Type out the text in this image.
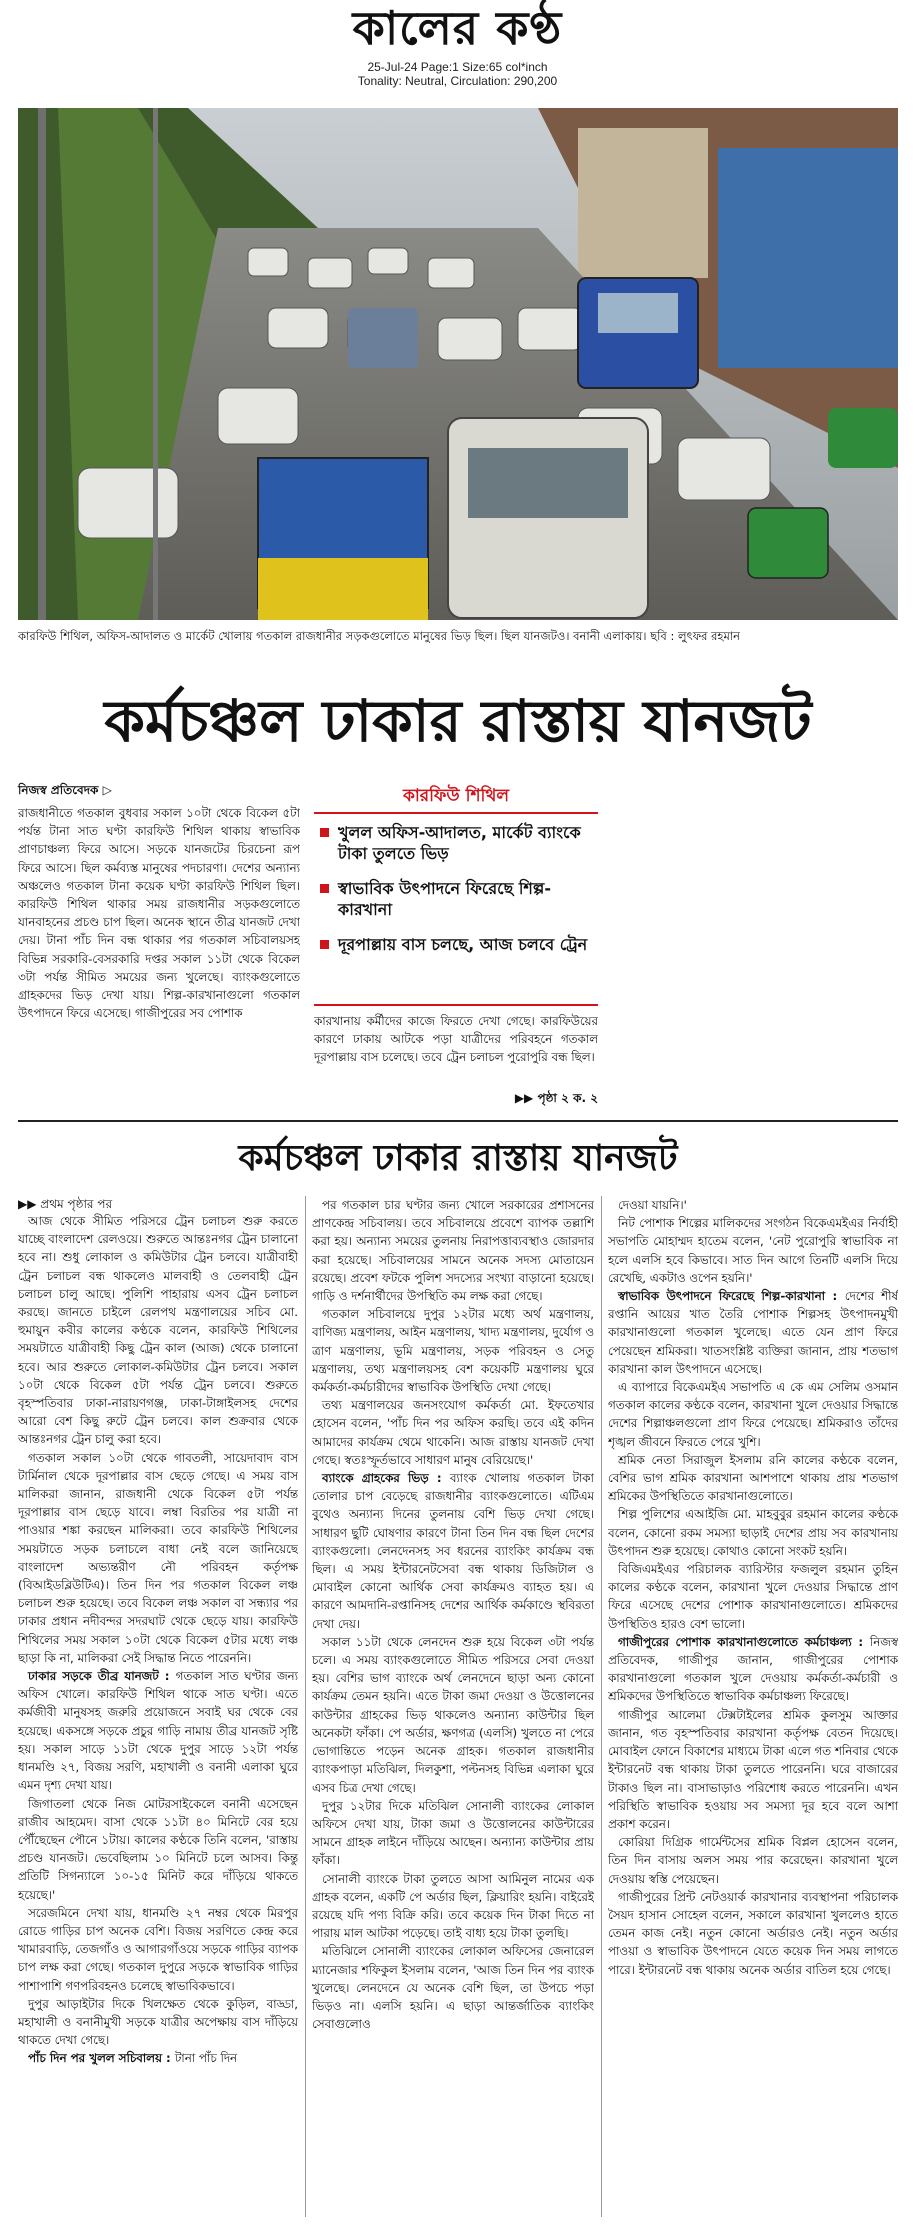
কালের কণ্ঠ
25-Jul-24 Page:1 Size:65 col*inch
Tonality: Neutral, Circulation: 290,200
কারফিউ শিথিল, অফিস-আদালত ও মার্কেট খোলায় গতকাল রাজধানীর সড়কগুলোতে মানুষের ভিড় ছিল। ছিল যানজটও। বনানী এলাকায়। ছবি : লুৎফর রহমান
কর্মচঞ্চল ঢাকার রাস্তায় যানজট
নিজস্ব প্রতিবেদক ▷
রাজধানীতে গতকাল বুধবার সকাল ১০টা থেকে বিকেল ৫টা পর্যন্ত টানা সাত ঘণ্টা কারফিউ শিথিল থাকায় স্বাভাবিক প্রাণচাঞ্চল্য ফিরে আসে। সড়কে যানজটের চিরচেনা রূপ ফিরে আসে। ছিল কর্মব্যস্ত মানুষের পদচারণা। দেশের অন্যান্য অঞ্চলেও গতকাল টানা কয়েক ঘণ্টা কারফিউ শিথিল ছিল। কারফিউ শিথিল থাকার সময় রাজধানীর সড়কগুলোতে যানবাহনের প্রচণ্ড চাপ ছিল। অনেক স্থানে তীব্র যানজট দেখা দেয়। টানা পাঁচ দিন বন্ধ থাকার পর গতকাল সচিবালয়সহ বিভিন্ন সরকারি-বেসরকারি দপ্তর সকাল ১১টা থেকে বিকেল ৩টা পর্যন্ত সীমিত সময়ের জন্য খুলেছে। ব্যাংকগুলোতে গ্রাহকদের ভিড় দেখা যায়। শিল্প-কারখানাগুলো গতকাল উৎপাদনে ফিরে এসেছে। গাজীপুরের সব পোশাক
কারফিউ শিথিল
খুলল অফিস-আদালত, মার্কেট ব্যাংকে টাকা তুলতে ভিড়
স্বাভাবিক উৎপাদনে ফিরেছে শিল্প-কারখানা
দূরপাল্লায় বাস চলছে, আজ চলবে ট্রেন
কারখানায় কর্মীদের কাজে ফিরতে দেখা গেছে। কারফিউয়ের কারণে ঢাকায় আটকে পড়া যাত্রীদের পরিবহনে গতকাল দূরপাল্লায় বাস চলেছে। তবে ট্রেন চলাচল পুরোপুরি বন্ধ ছিল।
▶▶ পৃষ্ঠা ২ ক. ২
কর্মচঞ্চল ঢাকার রাস্তায় যানজট
▶▶ প্রথম পৃষ্ঠার পর
আজ থেকে সীমিত পরিসরে ট্রেন চলাচল শুরু করতে যাচ্ছে বাংলাদেশ রেলওয়ে। শুরুতে আন্তঃনগর ট্রেন চালানো হবে না। শুধু লোকাল ও কমিউটার ট্রেন চলবে। যাত্রীবাহী ট্রেন চলাচল বন্ধ থাকলেও মালবাহী ও তেলবাহী ট্রেন চলাচল চালু আছে। পুলিশি পাহারায় এসব ট্রেন চলাচল করছে। জানতে চাইলে রেলপথ মন্ত্রণালয়ের সচিব মো. হুমায়ুন কবীর কালের কণ্ঠকে বলেন, কারফিউ শিথিলের সময়টাতে যাত্রীবাহী কিছু ট্রেন কাল (আজ) থেকে চালানো হবে। আর শুরুতে লোকাল-কমিউটার ট্রেন চলবে। সকাল ১০টা থেকে বিকেল ৫টা পর্যন্ত ট্রেন চলবে। শুরুতে বৃহস্পতিবার ঢাকা-নারায়ণগঞ্জ, ঢাকা-টাঙ্গাইলসহ দেশের আরো বেশ কিছু রুটে ট্রেন চলবে। কাল শুক্রবার থেকে আন্তঃনগর ট্রেন চালু করা হবে।
গতকাল সকাল ১০টা থেকে গাবতলী, সায়েদাবাদ বাস টার্মিনাল থেকে দূরপাল্লার বাস ছেড়ে গেছে। এ সময় বাস মালিকরা জানান, রাজধানী থেকে বিকেল ৫টা পর্যন্ত দূরপাল্লার বাস ছেড়ে যাবে। লম্বা বিরতির পর যাত্রী না পাওয়ার শঙ্কা করছেন মালিকরা। তবে কারফিউ শিথিলের সময়টাতে সড়ক চলাচলে বাধা নেই বলে জানিয়েছে বাংলাদেশ অভ্যন্তরীণ নৌ পরিবহন কর্তৃপক্ষ (বিআইডব্লিউটিএ)। তিন দিন পর গতকাল বিকেল লঞ্চ চলাচল শুরু হয়েছে। তবে বিকেল লঞ্চ সকাল বা সন্ধ্যার পর ঢাকার প্রধান নদীবন্দর সদরঘাট থেকে ছেড়ে যায়। কারফিউ শিথিলের সময় সকাল ১০টা থেকে বিকেল ৫টার মধ্যে লঞ্চ ছাড়া কি না, মালিকরা সেই সিদ্ধান্ত নিতে পারেননি।
ঢাকার সড়কে তীব্র যানজট : গতকাল সাত ঘণ্টার জন্য অফিস খোলে। কারফিউ শিথিল থাকে সাত ঘণ্টা। এতে কর্মজীবী মানুষসহ জরুরি প্রয়োজনে সবাই ঘর থেকে বের হয়েছে। একসঙ্গে সড়কে প্রচুর গাড়ি নামায় তীব্র যানজট সৃষ্টি হয়। সকাল সাড়ে ১১টা থেকে দুপুর সাড়ে ১২টা পর্যন্ত ধানমণ্ডি ২৭, বিজয় সরণি, মহাখালী ও বনানী এলাকা ঘুরে এমন দৃশ্য দেখা যায়।
জিগাতলা থেকে নিজ মোটরসাইকেলে বনানী এসেছেন রাজীব আহমেদ। বাসা থেকে ১১টা ৪০ মিনিটে বের হয়ে পৌঁছেছেন পৌনে ১টায়। কালের কণ্ঠকে তিনি বলেন, 'রাস্তায় প্রচণ্ড যানজট। ভেবেছিলাম ১০ মিনিটে চলে আসব। কিন্তু প্রতিটি সিগন্যালে ১০-১৫ মিনিট করে দাঁড়িয়ে থাকতে হয়েছে।'
সরেজমিনে দেখা যায়, ধানমণ্ডি ২৭ নম্বর থেকে মিরপুর রোডে গাড়ির চাপ অনেক বেশি। বিজয় সরণিতে কেন্দ্র করে খামারবাড়ি, তেজগাঁও ও আগারগাঁওয়ে সড়কে গাড়ির ব্যাপক চাপ লক্ষ করা গেছে। গতকাল দুপুরে সড়কে স্বাভাবিক গাড়ির পাশাপাশি গণপরিবহনও চলেছে স্বাভাবিকভাবে।
দুপুর আড়াইটার দিকে খিলক্ষেত থেকে কুড়িল, বাড্ডা, মহাখালী ও বনানীমুখী সড়কে যাত্রীর অপেক্ষায় বাস দাঁড়িয়ে থাকতে দেখা গেছে।
পাঁচ দিন পর খুলল সচিবালয় : টানা পাঁচ দিন
পর গতকাল চার ঘণ্টার জন্য খোলে সরকারের প্রশাসনের প্রাণকেন্দ্র সচিবালয়। তবে সচিবালয়ে প্রবেশে ব্যাপক তল্লাশি করা হয়। অন্যান্য সময়ের তুলনায় নিরাপত্তাব্যবস্থাও জোরদার করা হয়েছে। সচিবালয়ের সামনে অনেক সদস্য মোতায়েন রয়েছে। প্রবেশ ফটকে পুলিশ সদস্যের সংখ্যা বাড়ানো হয়েছে। গাড়ি ও দর্শনার্থীদের উপস্থিতি কম লক্ষ করা গেছে।
গতকাল সচিবালয়ে দুপুর ১২টার মধ্যে অর্থ মন্ত্রণালয়, বাণিজ্য মন্ত্রণালয়, আইন মন্ত্রণালয়, খাদ্য মন্ত্রণালয়, দুর্যোগ ও ত্রাণ মন্ত্রণালয়, ভূমি মন্ত্রণালয়, সড়ক পরিবহন ও সেতু মন্ত্রণালয়, তথ্য মন্ত্রণালয়সহ বেশ কয়েকটি মন্ত্রণালয় ঘুরে কর্মকর্তা-কর্মচারীদের স্বাভাবিক উপস্থিতি দেখা গেছে।
তথ্য মন্ত্রণালয়ের জনসংযোগ কর্মকর্তা মো. ইফতেখার হোসেন বলেন, 'পাঁচ দিন পর অফিস করছি। তবে এই কদিন আমাদের কার্যক্রম থেমে থাকেনি। আজ রাস্তায় যানজট দেখা গেছে। স্বতঃস্ফূর্তভাবে সাধারণ মানুষ বেরিয়েছে।'
ব্যাংকে গ্রাহকের ভিড় : ব্যাংক খোলায় গতকাল টাকা তোলার চাপ বেড়েছে রাজধানীর ব্যাংকগুলোতে। এটিএম বুথেও অন্যান্য দিনের তুলনায় বেশি ভিড় দেখা গেছে। সাধারণ ছুটি ঘোষণার কারণে টানা তিন দিন বন্ধ ছিল দেশের ব্যাংকগুলো। লেনদেনসহ সব ধরনের ব্যাংকিং কার্যক্রম বন্ধ ছিল। এ সময় ইন্টারনেটসেবা বন্ধ থাকায় ডিজিটাল ও মোবাইল কোনো আর্থিক সেবা কার্যক্রমও ব্যাহত হয়। এ কারণে আমদানি-রপ্তানিসহ দেশের আর্থিক কর্মকাণ্ডে স্থবিরতা দেখা দেয়।
সকাল ১১টা থেকে লেনদেন শুরু হয়ে বিকেল ৩টা পর্যন্ত চলে। এ সময় ব্যাংকগুলোতে সীমিত পরিসরে সেবা দেওয়া হয়। বেশির ভাগ ব্যাংকে অর্থ লেনদেনে ছাড়া অন্য কোনো কার্যক্রম তেমন হয়নি। এতে টাকা জমা দেওয়া ও উত্তোলনের কাউন্টার গ্রাহকের ভিড় থাকলেও অন্যান্য কাউন্টার ছিল অনেকটা ফাঁকা। পে অর্ডার, ক্ষণগত্র (এলসি) খুলতে না পেরে ভোগান্তিতে পড়েন অনেক গ্রাহক। গতকাল রাজধানীর ব্যাংকপাড়া মতিঝিল, দিলকুশা, পল্টনসহ বিভিন্ন এলাকা ঘুরে এসব চিত্র দেখা গেছে।
দুপুর ১২টার দিকে মতিঝিল সোনালী ব্যাংকের লোকাল অফিসে দেখা যায়, টাকা জমা ও উত্তোলনের কাউন্টারের সামনে গ্রাহক লাইনে দাঁড়িয়ে আছেন। অন্যান্য কাউন্টার প্রায় ফাঁকা।
সোনালী ব্যাংকে টাকা তুলতে আসা আমিনুল নামের এক গ্রাহক বলেন, একটি পে অর্ডার ছিল, ক্লিয়ারিং হয়নি। বাইরেই রয়েছে যদি পণ্য বিক্রি করি। তবে কয়েক দিন টাকা দিতে না পারায় মাল আটকা পড়েছে। তাই বাধ্য হয়ে টাকা তুলছি।
মতিঝিলে সোনালী ব্যাংকের লোকাল অফিসের জেনারেল ম্যানেজার শফিকুল ইসলাম বলেন, 'আজ তিন দিন পর ব্যাংক খুলেছে। লেনদেনে যে অনেক বেশি ছিল, তা উপচে পড়া ভিড়ও না। এলসি হয়নি। এ ছাড়া আন্তর্জাতিক ব্যাংকিং সেবাগুলোও
দেওয়া যায়নি।'
নিট পোশাক শিল্পের মালিকদের সংগঠন বিকেএমইএর নির্বাহী সভাপতি মোহাম্মদ হাতেম বলেন, 'নেট পুরোপুরি স্বাভাবিক না হলে এলসি হবে কিভাবে। সাত দিন আগে তিনটি এলসি দিয়ে রেখেছি, একটাও ওপেন হয়নি।'
স্বাভাবিক উৎপাদনে ফিরেছে শিল্প-কারখানা : দেশের শীর্ষ রপ্তানি আয়ের খাত তৈরি পোশাক শিল্পসহ উৎপাদনমুখী কারখানাগুলো গতকাল খুলেছে। এতে যেন প্রাণ ফিরে পেয়েছেন শ্রমিকরা। খাতসংশ্লিষ্ট ব্যক্তিরা জানান, প্রায় শতভাগ কারখানা কাল উৎপাদনে এসেছে।
এ ব্যাপারে বিকেএমইএ সভাপতি এ কে এম সেলিম ওসমান গতকাল কালের কণ্ঠকে বলেন, কারখানা খুলে দেওয়ার সিদ্ধান্তে দেশের শিল্পাঞ্চলগুলো প্রাণ ফিরে পেয়েছে। শ্রমিকরাও তাঁদের শৃঙ্খল জীবনে ফিরতে পেরে খুশি।
শ্রমিক নেতা সিরাজুল ইসলাম রনি কালের কণ্ঠকে বলেন, বেশির ভাগ শ্রমিক কারখানা আশপাশে থাকায় প্রায় শতভাগ শ্রমিকের উপস্থিতিতে কারখানাগুলোতে।
শিল্প পুলিশের এআইজি মো. মাহবুবুর রহমান কালের কণ্ঠকে বলেন, কোনো রকম সমস্যা ছাড়াই দেশের প্রায় সব কারখানায় উৎপাদন শুরু হয়েছে। কোথাও কোনো সংকট হয়নি।
বিজিএমইএর পরিচালক ব্যারিস্টার ফজলুল রহমান তুহিন কালের কণ্ঠকে বলেন, কারখানা খুলে দেওয়ার সিদ্ধান্তে প্রাণ ফিরে এসেছে দেশের পোশাক কারখানাগুলোতে। শ্রমিকদের উপস্থিতিও হারও বেশ ভালো।
গাজীপুরের পোশাক কারখানাগুলোতে কর্মচাঞ্চল্য : নিজস্ব প্রতিবেদক, গাজীপুর জানান, গাজীপুরের পোশাক কারখানাগুলো গতকাল খুলে দেওয়ায় কর্মকর্তা-কর্মচারী ও শ্রমিকদের উপস্থিতিতে স্বাভাবিক কর্মচাঞ্চল্য ফিরেছে।
গাজীপুর আলেমা টেক্সটাইলের শ্রমিক কুলসুম আক্তার জানান, গত বৃহস্পতিবার কারখানা কর্তৃপক্ষ বেতন দিয়েছে। মোবাইল ফোনে বিকাশের মাধ্যমে টাকা এলে গত শনিবার থেকে ইন্টারনেট বন্ধ থাকায় টাকা তুলতে পারেননি। ঘরে বাজারের টাকাও ছিল না। বাসাভাড়াও পরিশোধ করতে পারেননি। এখন পরিস্থিতি স্বাভাবিক হওয়ায় সব সমস্যা দূর হবে বলে আশা প্রকাশ করেন।
কোরিয়া দিগ্রিক গার্মেন্টসের শ্রমিক বিপ্লল হোসেন বলেন, তিন দিন বাসায় অলস সময় পার করেছেন। কারখানা খুলে দেওয়ায় স্বস্তি পেয়েছেন।
গাজীপুরের প্রিন্ট নেটওয়ার্ক কারখানার ব্যবস্থাপনা পরিচালক সৈয়দ হাসান সোহেল বলেন, সকালে কারখানা খুললেও হাতে তেমন কাজ নেই। নতুন কোনো অর্ডারও নেই। নতুন অর্ডার পাওয়া ও স্বাভাবিক উৎপাদনে যেতে কয়েক দিন সময় লাগতে পারে। ইন্টারনেট বন্ধ থাকায় অনেক অর্ডার বাতিল হয়ে গেছে।
